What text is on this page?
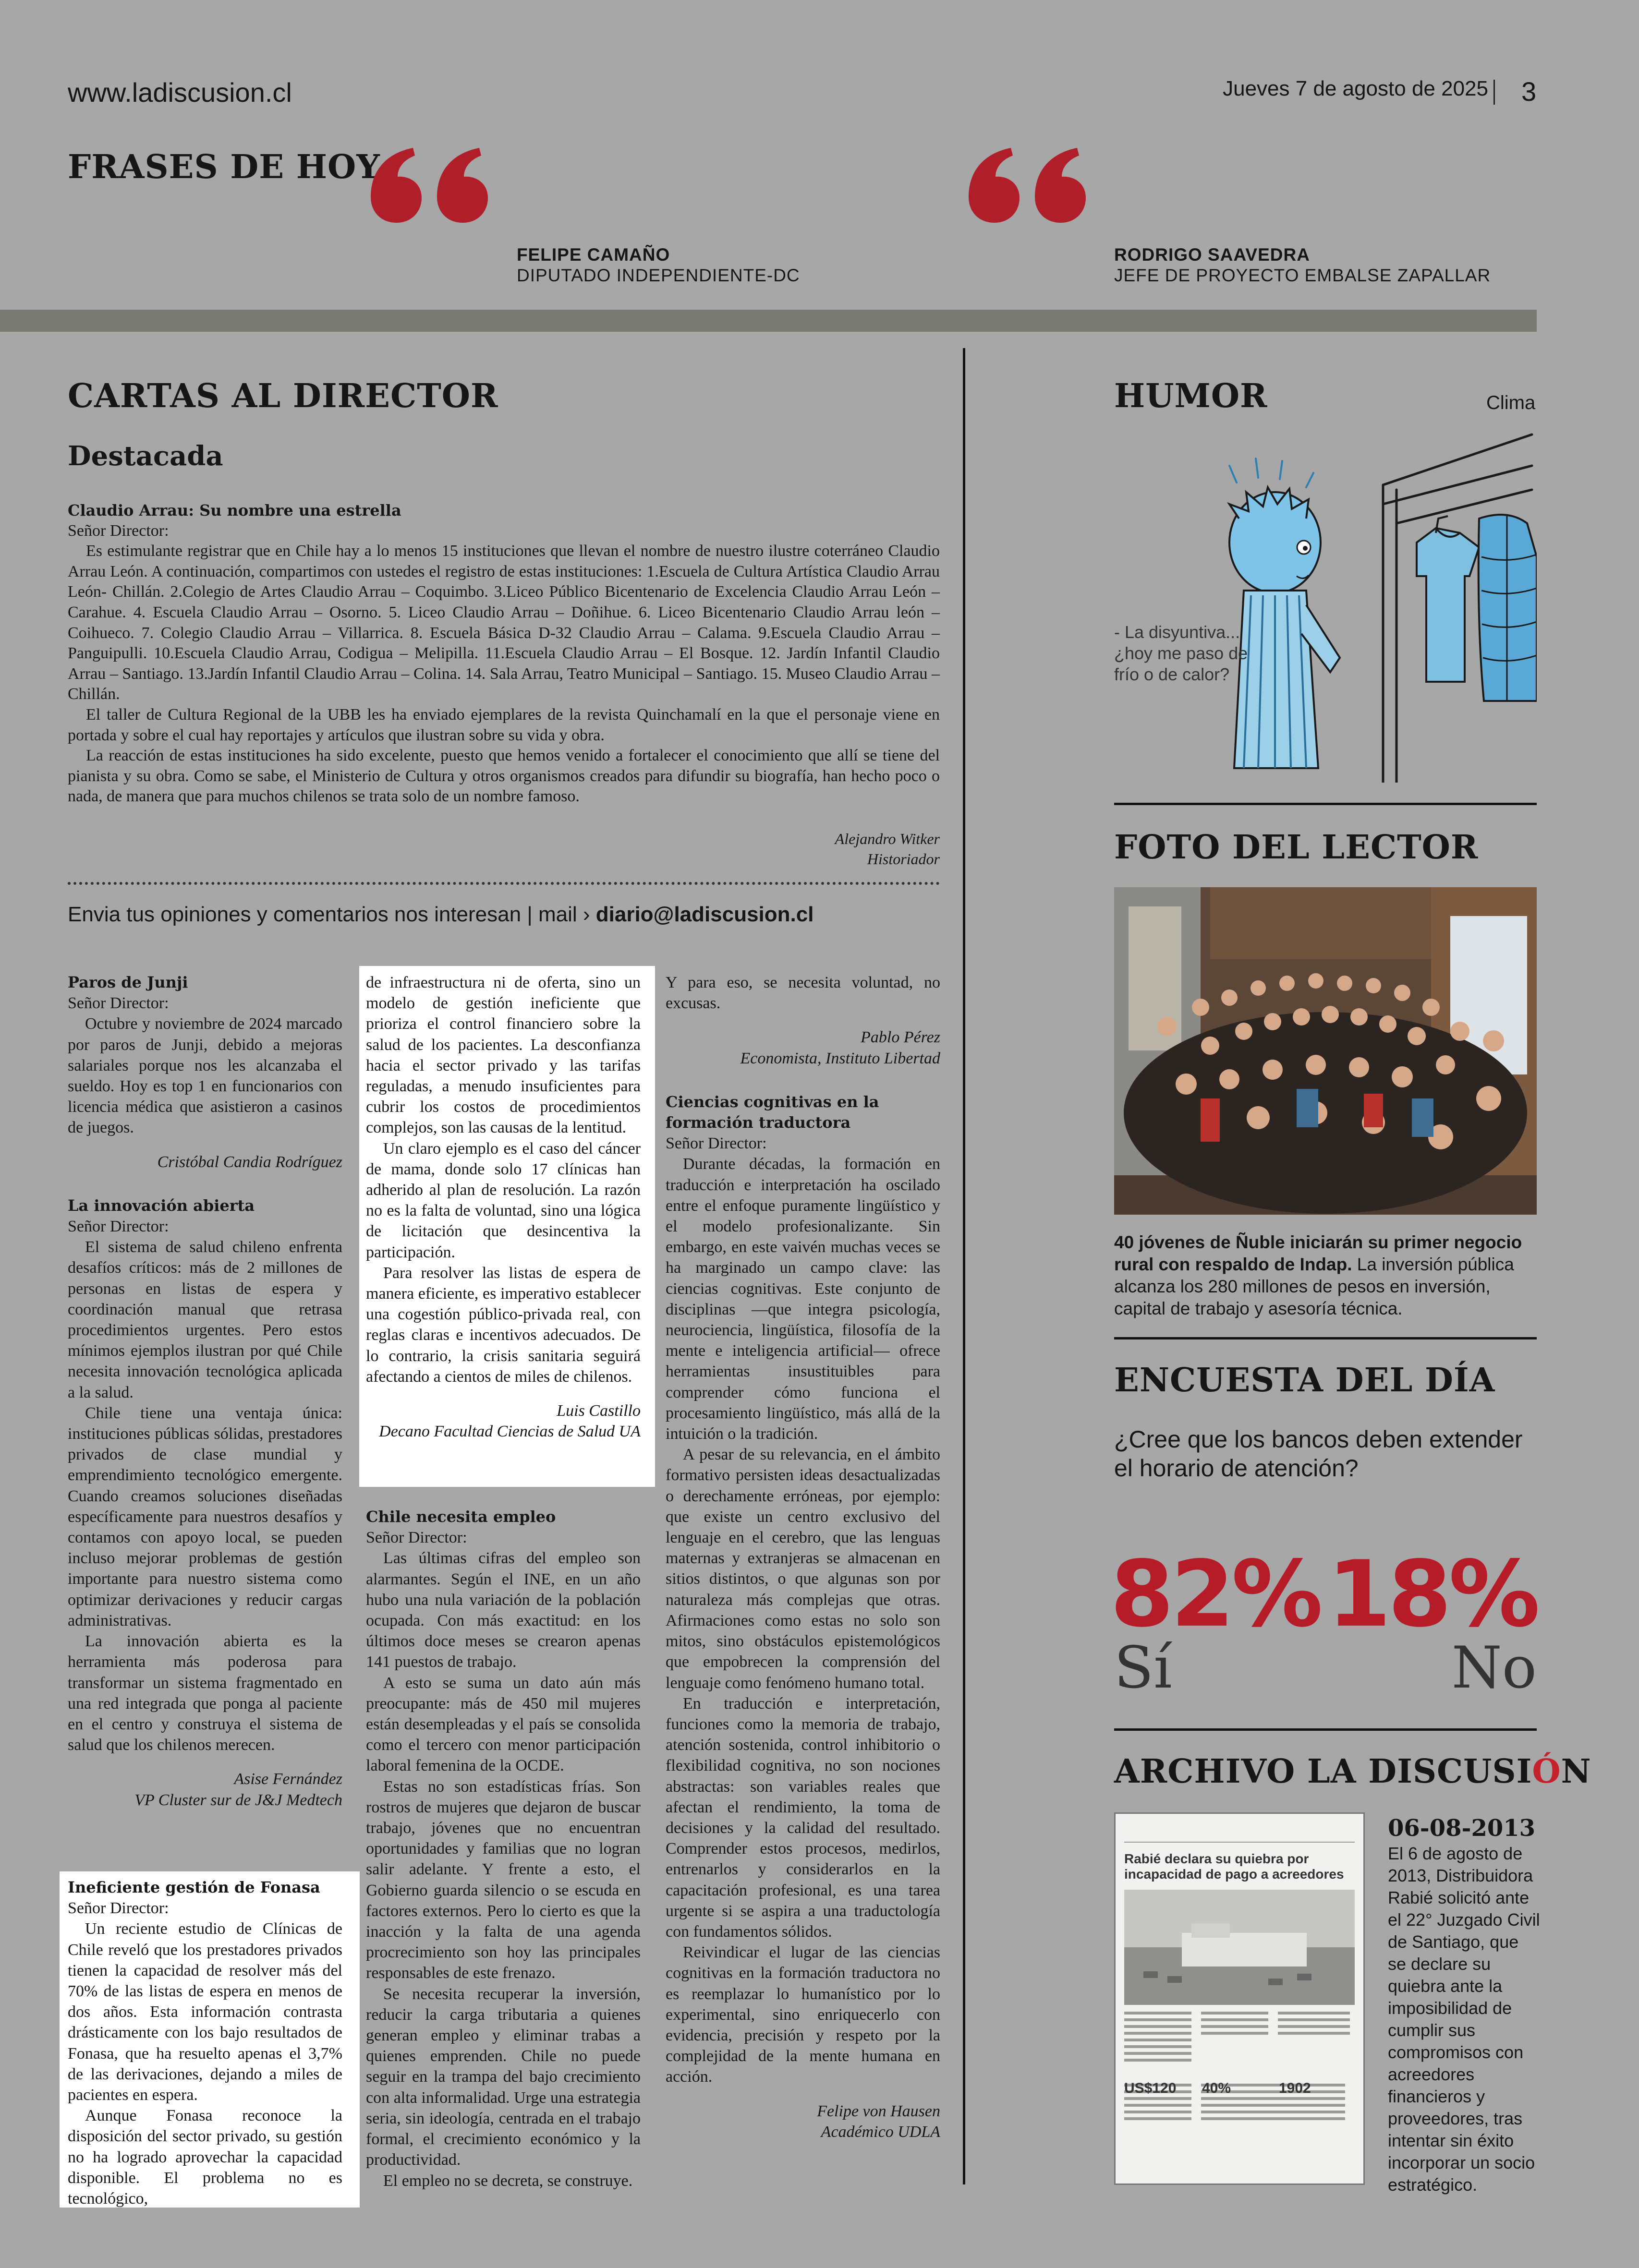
www.ladiscusion.cl	Jueves 7 de agosto de 2025 3
FRASES DE HOY
FELIPE CAMAÑO
DIPUTADO INDEPENDIENTE-DC
RODRIGO SAAVEDRA
JEFE DE PROYECTO EMBALSE ZAPALLAR
CARTAS AL DIRECTOR
Destacada
Claudio Arrau: Su nombre una estrella
Señor Director:

Es estimulante registrar que en Chile hay a lo menos 15 instituciones que llevan el nombre de nuestro ilustre coterráneo Claudio Arrau León. A continuación, compartimos con ustedes el registro de estas instituciones: 1.Escuela de Cultura Artística Claudio Arrau León- Chillán. 2.Colegio de Artes Claudio Arrau – Coquimbo. 3.Liceo Público Bicentenario de Excelencia Claudio Arrau León – Carahue. 4. Escuela Claudio Arrau – Osorno. 5. Liceo Claudio Arrau – Doñihue. 6. Liceo Bicentenario Claudio Arrau león – Coihueco. 7. Colegio Claudio Arrau – Villarrica. 8. Escuela Básica D-32 Claudio Arrau – Calama. 9.Escuela Claudio Arrau – Panguipulli. 10.Escuela Claudio Arrau, Codigua – Melipilla. 11.Escuela Claudio Arrau – El Bosque. 12. Jardín Infantil Claudio Arrau – Santiago. 13.Jardín Infantil Claudio Arrau – Colina. 14. Sala Arrau, Teatro Municipal – Santiago. 15. Museo Claudio Arrau – Chillán.

El taller de Cultura Regional de la UBB les ha enviado ejemplares de la revista Quinchamalí en la que el personaje viene en portada y sobre el cual hay reportajes y artículos que ilustran sobre su vida y obra.

La reacción de estas instituciones ha sido excelente, puesto que hemos venido a fortalecer el conocimiento que allí se tiene del pianista y su obra. Como se sabe, el Ministerio de Cultura y otros organismos creados para difundir su biografía, han hecho poco o nada, de manera que para muchos chilenos se trata solo de un nombre famoso.

Alejandro Witker
Historiador
Envia tus opiniones y comentarios nos interesan | mail › diario@ladiscusion.cl
Paros de Junji
Señor Director:

Octubre y noviembre de 2024 marcado por paros de Junji, debido a mejoras salariales porque nos les alcanzaba el sueldo. Hoy es top 1 en funcionarios con licencia médica que asistieron a casinos de juegos.

Cristóbal Candia Rodríguez
La innovación abierta
Señor Director:

El sistema de salud chileno enfrenta desafíos críticos: más de 2 millones de personas en listas de espera y coordinación manual que retrasa procedimientos urgentes. Pero estos mínimos ejemplos ilustran por qué Chile necesita innovación tecnológica aplicada a la salud.

Chile tiene una ventaja única: instituciones públicas sólidas, prestadores privados de clase mundial y emprendimiento tecnológico emergente. Cuando creamos soluciones diseñadas específicamente para nuestros desafíos y contamos con apoyo local, se pueden incluso mejorar problemas de gestión importante para nuestro sistema como optimizar derivaciones y reducir cargas administrativas.

La innovación abierta es la herramienta más poderosa para transformar un sistema fragmentado en una red integrada que ponga al paciente en el centro y construya el sistema de salud que los chilenos merecen.

Asise Fernández
VP Cluster sur de J&J Medtech
Ineficiente gestión de Fonasa
Señor Director:

Un reciente estudio de Clínicas de Chile reveló que los prestadores privados tienen la capacidad de resolver más del 70% de las listas de espera en menos de dos años. Esta información contrasta drásticamente con los bajo resultados de Fonasa, que ha resuelto apenas el 3,7% de las derivaciones, dejando a miles de pacientes en espera.

Aunque Fonasa reconoce la disposición del sector privado, su gestión no ha logrado aprovechar la capacidad disponible. El problema no es tecnológico,

de infraestructura ni de oferta, sino un modelo de gestión ineficiente que prioriza el control financiero sobre la salud de los pacientes. La desconfianza hacia el sector privado y las tarifas reguladas, a menudo insuficientes para cubrir los costos de procedimientos complejos, son las causas de la lentitud.

Un claro ejemplo es el caso del cáncer de mama, donde solo 17 clínicas han adherido al plan de resolución. La razón no es la falta de voluntad, sino una lógica de licitación que desincentiva la participación.

Para resolver las listas de espera de manera eficiente, es imperativo establecer una cogestión público-privada real, con reglas claras e incentivos adecuados. De lo contrario, la crisis sanitaria seguirá afectando a cientos de miles de chilenos.

Luis Castillo
Decano Facultad Ciencias de Salud UA
Chile necesita empleo
Señor Director:

Las últimas cifras del empleo son alarmantes. Según el INE, en un año hubo una nula variación de la población ocupada. Con más exactitud: en los últimos doce meses se crearon apenas 141 puestos de trabajo.

A esto se suma un dato aún más preocupante: más de 450 mil mujeres están desempleadas y el país se consolida como el tercero con menor participación laboral femenina de la OCDE.

Estas no son estadísticas frías. Son rostros de mujeres que dejaron de buscar trabajo, jóvenes que no encuentran oportunidades y familias que no logran salir adelante. Y frente a esto, el Gobierno guarda silencio o se escuda en factores externos. Pero lo cierto es que la inacción y la falta de una agenda procrecimiento son hoy las principales responsables de este frenazo.

Se necesita recuperar la inversión, reducir la carga tributaria a quienes generan empleo y eliminar trabas a quienes emprenden. Chile no puede seguir en la trampa del bajo crecimiento con alta informalidad. Urge una estrategia seria, sin ideología, centrada en el trabajo formal, el crecimiento económico y la productividad.

El empleo no se decreta, se construye.

Y para eso, se necesita voluntad, no excusas.

Pablo Pérez
Economista, Instituto Libertad
Ciencias cognitivas en la formación traductora
Señor Director:

Durante décadas, la formación en traducción e interpretación ha oscilado entre el enfoque puramente lingüístico y el modelo profesionalizante. Sin embargo, en este vaivén muchas veces se ha marginado un campo clave: las ciencias cognitivas. Este conjunto de disciplinas —que integra psicología, neurociencia, lingüística, filosofía de la mente e inteligencia artificial— ofrece herramientas insustituibles para comprender cómo funciona el procesamiento lingüístico, más allá de la intuición o la tradición.

A pesar de su relevancia, en el ámbito formativo persisten ideas desactualizadas o derechamente erróneas, por ejemplo: que existe un centro exclusivo del lenguaje en el cerebro, que las lenguas maternas y extranjeras se almacenan en sitios distintos, o que algunas son por naturaleza más complejas que otras. Afirmaciones como estas no solo son mitos, sino obstáculos epistemológicos que empobrecen la comprensión del lenguaje como fenómeno humano total.

En traducción e interpretación, funciones como la memoria de trabajo, atención sostenida, control inhibitorio o flexibilidad cognitiva, no son nociones abstractas: son variables reales que afectan el rendimiento, la toma de decisiones y la calidad del resultado. Comprender estos procesos, medirlos, entrenarlos y considerarlos en la capacitación profesional, es una tarea urgente si se aspira a una traductología con fundamentos sólidos.

Reivindicar el lugar de las ciencias cognitivas en la formación traductora no es reemplazar lo humanístico por lo experimental, sino enriquecerlo con evidencia, precisión y respeto por la complejidad de la mente humana en acción.

Felipe von Hausen
Académico UDLA
HUMOR	Clima
- La disyuntiva... ¿hoy me paso de frío o de calor?
FOTO DEL LECTOR
40 jóvenes de Ñuble iniciarán su primer negocio rural con respaldo de Indap. La inversión pública alcanza los 280 millones de pesos en inversión, capital de trabajo y asesoría técnica.
ENCUESTA DEL DÍA
¿Cree que los bancos deben extender el horario de atención?
82% 18%
Sí	No
ARCHIVO LA DISCUSIÓN
Rabié declara su quiebra por incapacidad de pago a acreedores
US$120 40%	1902
06-08-2013
El 6 de agosto de 2013, Distribuidora Rabié solicitó ante el 22° Juzgado Civil de Santiago, que se declare su quiebra ante la imposibilidad de cumplir sus compromisos con acreedores financieros y proveedores, tras intentar sin éxito incorporar un socio estratégico.
